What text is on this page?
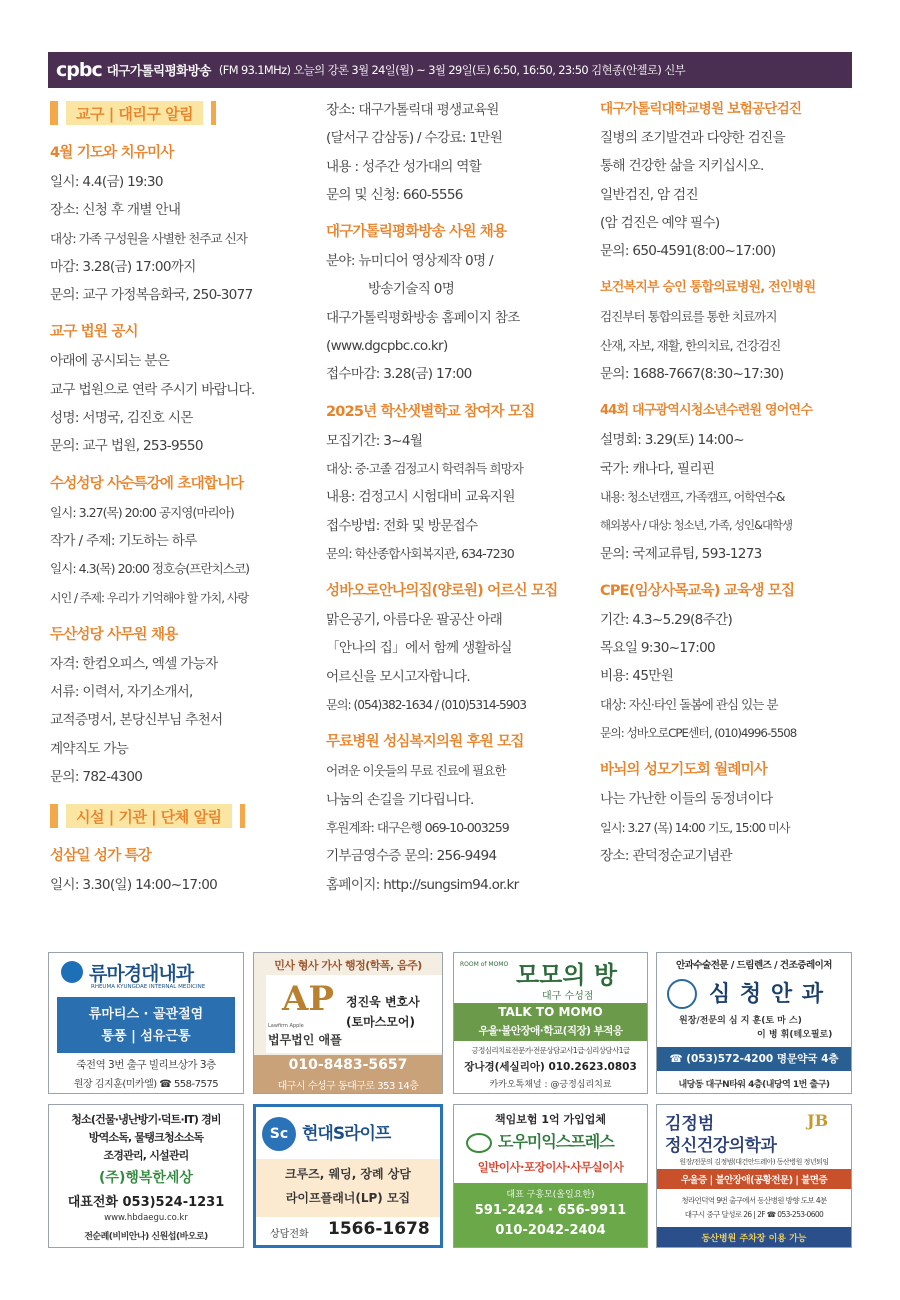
cpbc 대구가톨릭평화방송 (FM 93.1MHz) 오늘의 강론 3월 24일(월) ~ 3월 29일(토) 6:50, 16:50, 23:50 김현종(안젤로) 신부
교구 | 대리구 알림
4월 기도와 치유미사

일시: 4.4(금) 19:30

장소: 신청 후 개별 안내

대상: 가족 구성원을 사별한 천주교 신자

마감: 3.28(금) 17:00까지

문의: 교구 가정복음화국, 250-3077

교구 법원 공시

아래에 공시되는 분은

교구 법원으로 연락 주시기 바랍니다.

성명: 서명국, 김진호 시몬

문의: 교구 법원, 253-9550

수성성당 사순특강에 초대합니다

일시: 3.27(목) 20:00 공지영(마리아)

작가 / 주제: 기도하는 하루

일시: 4.3(목) 20:00 정호승(프란치스코)

시인 / 주제: 우리가 기억해야 할 가치, 사랑

두산성당 사무원 채용

자격: 한컴오피스, 엑셀 가능자

서류: 이력서, 자기소개서,

교적증명서, 본당신부님 추천서

계약직도 가능

문의: 782-4300

시설 | 기관 | 단체 알림
성삼일 성가 특강

일시: 3.30(일) 14:00~17:00

장소: 대구가톨릭대 평생교육원

(달서구 감삼동) / 수강료: 1만원

내용 : 성주간 성가대의 역할

문의 및 신청: 660-5556

대구가톨릭평화방송 사원 채용

분야: 뉴미디어 영상제작 0명 /

방송기술직 0명

대구가톨릭평화방송 홈페이지 참조

(www.dgcpbc.co.kr)

접수마감: 3.28(금) 17:00

2025년 학산샛별학교 참여자 모집

모집기간: 3~4월

대상: 중·고졸 검정고시 학력취득 희망자

내용: 검정고시 시험대비 교육지원

접수방법: 전화 및 방문접수

문의: 학산종합사회복지관, 634-7230

성바오로안나의집(양로원) 어르신 모집

맑은공기, 아름다운 팔공산 아래

「안나의 집」에서 함께 생활하실

어르신을 모시고자합니다.

문의: (054)382-1634 / (010)5314-5903

무료병원 성심복지의원 후원 모집

어려운 이웃들의 무료 진료에 필요한

나눔의 손길을 기다립니다.

후원계좌: 대구은행 069-10-003259

기부금영수증 문의: 256-9494

홈페이지: http://sungsim94.or.kr

대구가톨릭대학교병원 보험공단검진

질병의 조기발견과 다양한 검진을

통해 건강한 삶을 지키십시오.

일반검진, 암 검진

(암 검진은 예약 필수)

문의: 650-4591(8:00~17:00)

보건복지부 승인 통합의료병원, 전인병원

검진부터 통합의료를 통한 치료까지

산재, 자보, 재활, 한의치료, 건강검진

문의: 1688-7667(8:30~17:30)

44회 대구광역시청소년수련원 영어연수

설명회: 3.29(토) 14:00~

국가: 캐나다, 필리핀

내용: 청소년캠프, 가족캠프, 어학연수&

해외봉사 / 대상: 청소년, 가족, 성인&대학생

문의: 국제교류팀, 593-1273

CPE(임상사목교육) 교육생 모집

기간: 4.3~5.29(8주간)

목요일 9:30~17:00

비용: 45만원

대상: 자신·타인 돌봄에 관심 있는 분

문의: 성바오로CPE센터, (010)4996-5508

바뇌의 성모기도회 월례미사

나는 가난한 이들의 동정녀이다

일시: 3.27 (목) 14:00 기도, 15:00 미사

장소: 관덕정순교기념관

류마경대내과
RHEUMA KYUNGDAE INTERNAL MEDICINE
류마티스 · 골관절염
통풍 | 섬유근통
죽전역 3번 출구 빌리브상가 3층
원장 김지훈(미카엘) ☎ 558-7575
민사 형사 가사 행정(학폭, 음주)
AP
Lawfirm Apple
법무법인 애플
정진욱 변호사
(토마스모어)
010-8483-5657
대구시 수성구 동대구로 353 14층
ROOM of MOMO 모모의 방
대구 수성점
TALK TO MOMO
우울·불안장애·학교(직장) 부적응
긍정심리치료전문가·전문상담교사1급·심리상담사1급
장나경(세실리아) 010.2623.0803
카카오톡채널 : @긍정심리치료
안과수술전문 / 드림렌즈 / 건조증레이저
심 청 안 과
원장/전문의 심 지 훈(토 마 스)
이 병 휘(테오필로)
☎ (053)572-4200 명문약국 4층
내당동 대구N타워 4층(내당역 1번 출구)
청소(건물·냉난방기·덕트·IT) 경비
방역소독, 물탱크청소소독
조경관리, 시설관리
(주)행복한세상
대표전화 053)524-1231
www.hbdaegu.co.kr
전순례(비비안나) 신원섭(바오로)
Sc 현대S라이프
크루즈, 웨딩, 장례 상담
라이프플래너(LP) 모집
상담전화 1566-1678
책임보험 1억 가입업체
도우미익스프레스
일반이사·포장이사·사무실이사
대표 구홍모(올일요한)
591-2424 · 656-9911
010-2042-2404
김정범	JB
정신건강의학과
원장/전문의 김정범(대건안드레아) 동산병원 정년퇴임
우울증 | 불안장애(공황전문) | 불면증
청라언덕역 9번 출구에서 동산병원 방향 도보 4분
대구시 중구 달성로 26 | 2F ☎ 053-253-0600
동산병원 주차장 이용 가능
